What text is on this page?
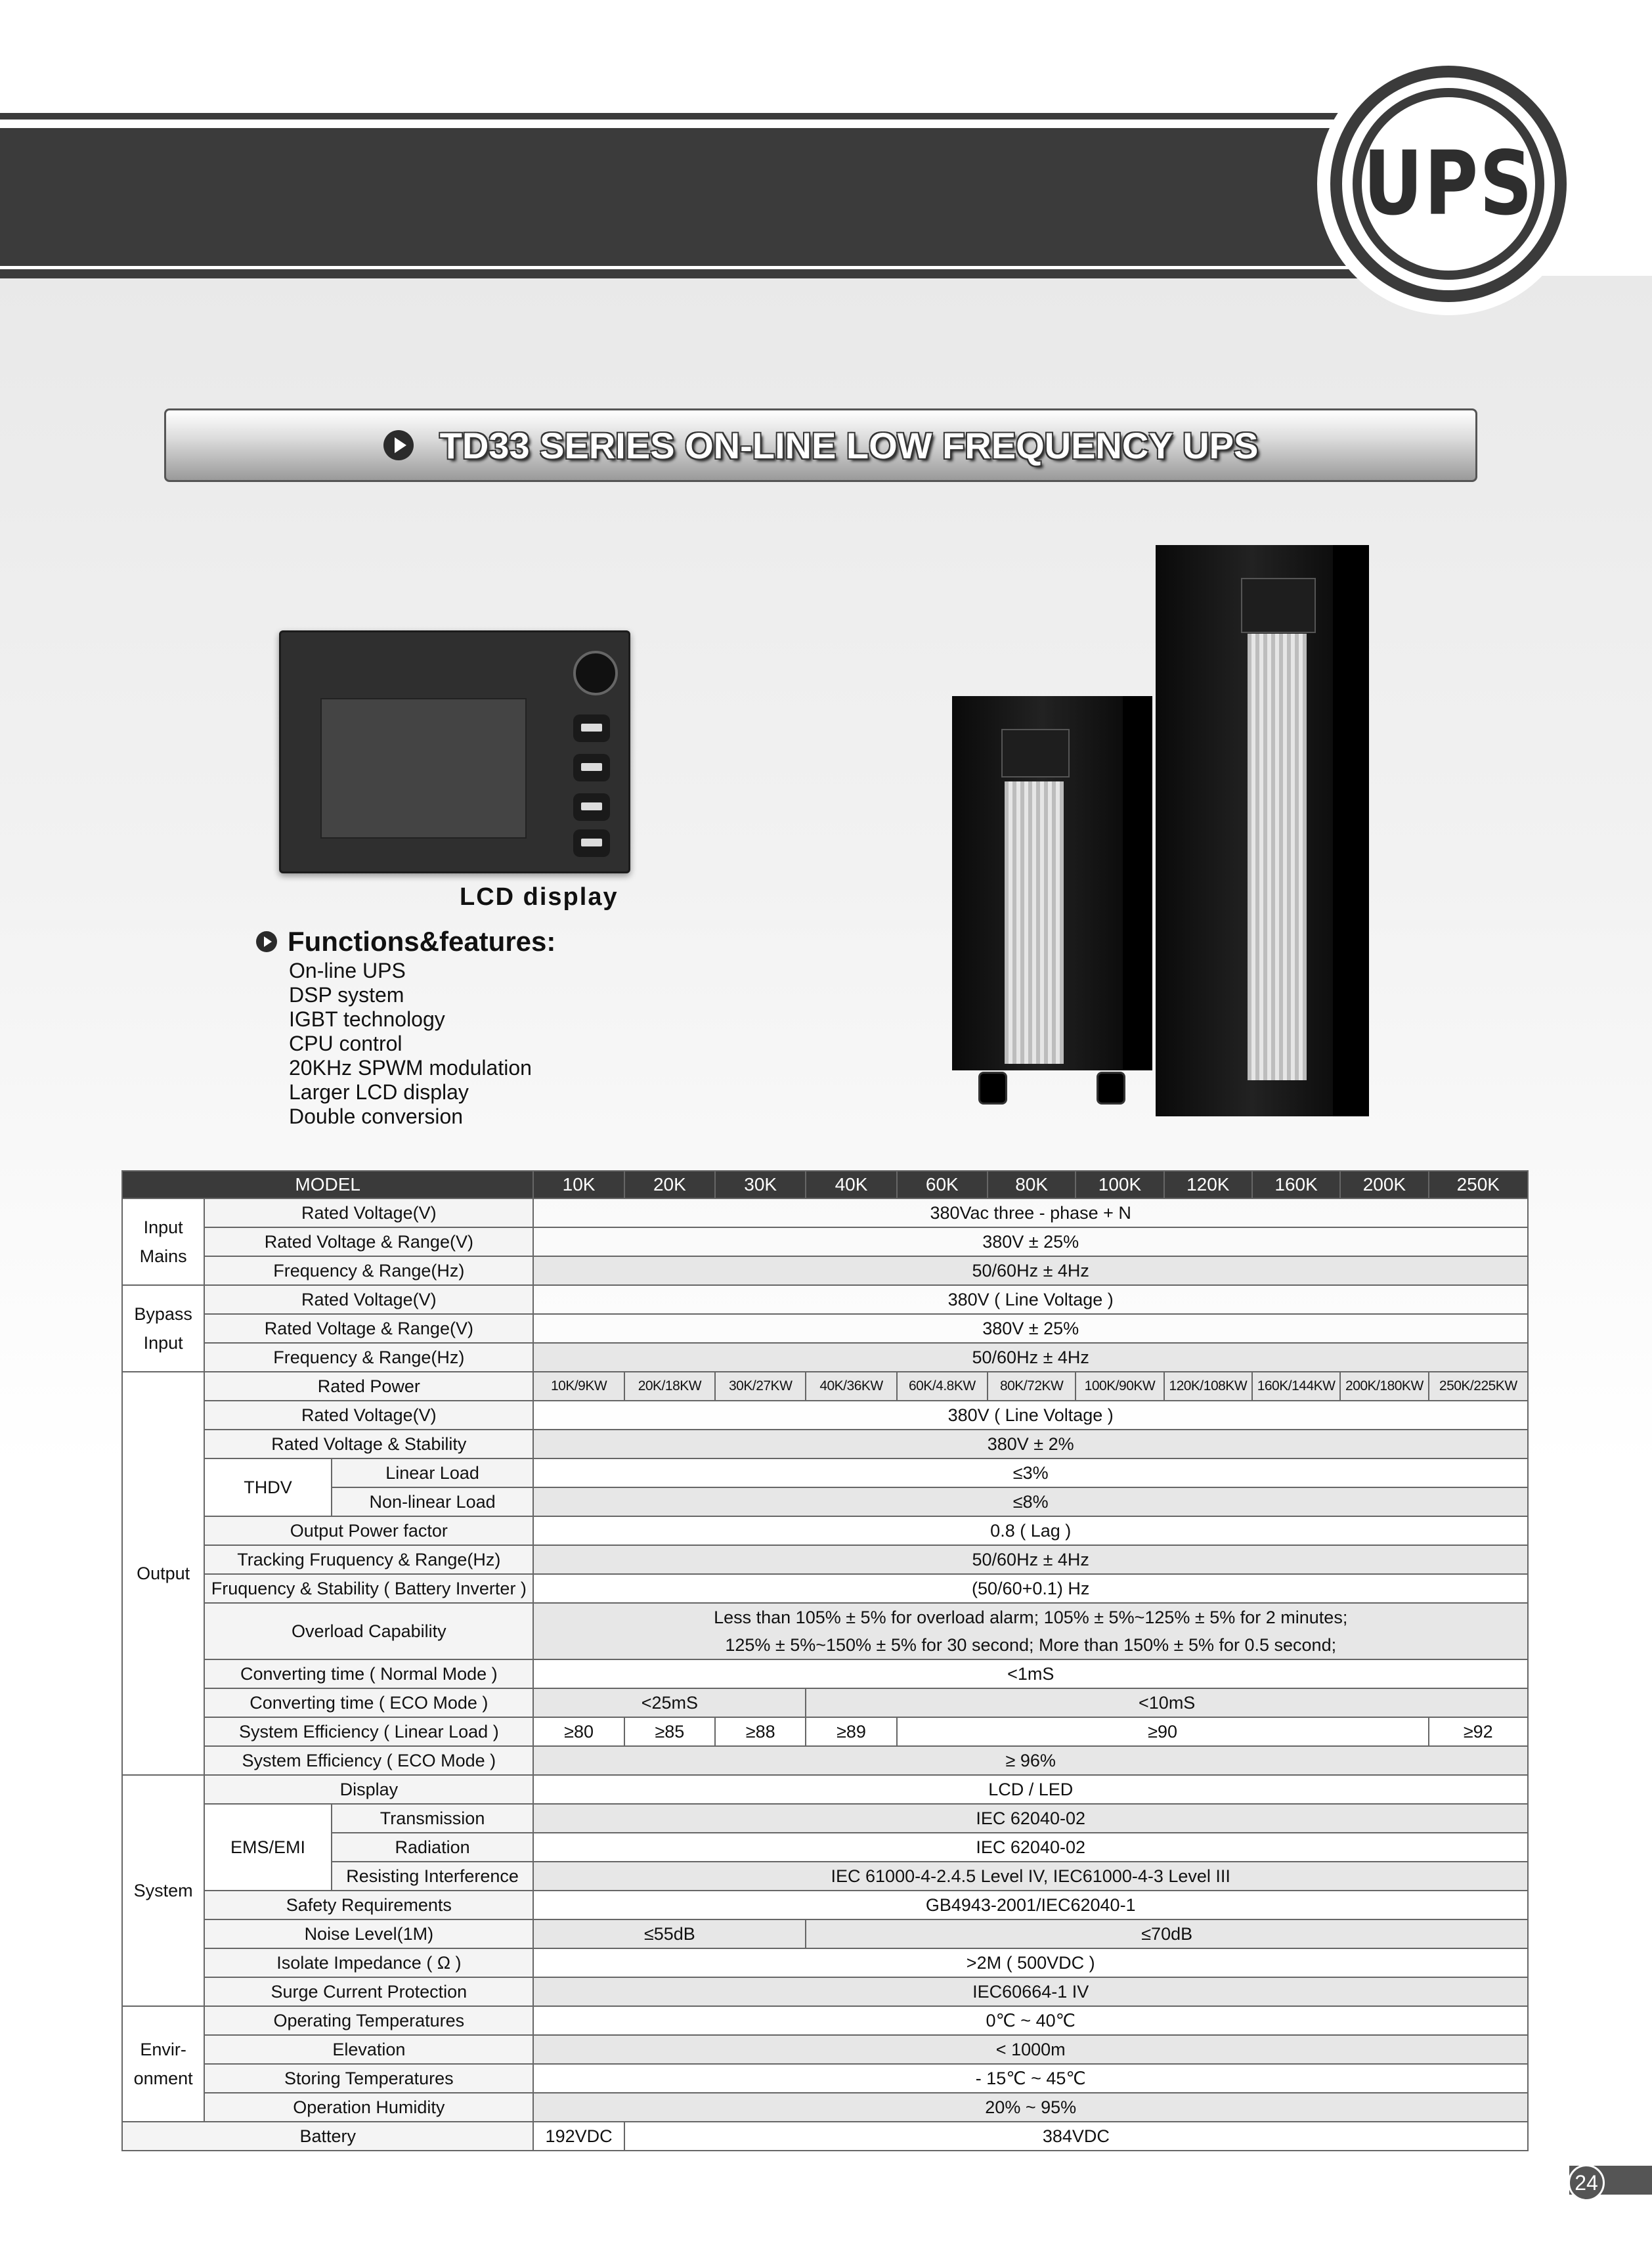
UPS
TD33 SERIES ON-LINE LOW FREQUENCY UPS
LCD display
Functions&features:
On-line UPS
DSP system
IGBT technology
CPU control
20KHz SPWM modulation
Larger LCD display
Double conversion
MODEL			10K	20K	30K	40K	60K	80K	100K	120K	160K	200K	250K
Input Mains	Rated Voltage(V)		380Vac three - phase + N										
	Rated Voltage & Range(V)		380V ± 25%										
	Frequency & Range(Hz)		50/60Hz ± 4Hz										
Bypass Input	Rated Voltage(V)		380V ( Line Voltage )										
	Rated Voltage & Range(V)		380V ± 25%										
	Frequency & Range(Hz)		50/60Hz ± 4Hz										
Output	Rated Power		10K/9KW	20K/18KW	30K/27KW	40K/36KW	60K/4.8KW	80K/72KW	100K/90KW	120K/108KW	160K/144KW	200K/180KW	250K/225KW
	Rated Voltage(V)		380V ( Line Voltage )										
	Rated Voltage & Stability		380V ± 2%										
	THDV	Linear Load	≤3%										
		Non-linear Load	≤8%										
	Output Power factor		0.8 ( Lag )										
	Tracking Fruquency & Range(Hz)		50/60Hz ± 4Hz										
	Fruquency & Stability ( Battery Inverter )		(50/60+0.1) Hz										
	Overload Capability		Less than 105% ± 5% for overload alarm; 105% ± 5%~125% ± 5% for 2 minutes;										
			125% ± 5%~150% ± 5% for 30 second; More than 150% ± 5% for 0.5 second;										
	Converting time ( Normal Mode )		<1mS										
	Converting time ( ECO Mode )		<25mS			<10mS							
	System Efficiency ( Linear Load )		≥80	≥85	≥88	≥89	≥90						≥92
	System Efficiency ( ECO Mode )		≥ 96%										
System	Display		LCD / LED										
	EMS/EMI	Transmission	IEC 62040-02										
		Radiation	IEC 62040-02										
		Resisting Interference	IEC 61000-4-2.4.5 Level IV, IEC61000-4-3 Level III										
	Safety Requirements		GB4943-2001/IEC62040-1										
	Noise Level(1M)		≤55dB			≤70dB							
	Isolate Impedance ( Ω )		>2M ( 500VDC )										
	Surge Current Protection		IEC60664-1 IV										
Envir- onment	Operating Temperatures		0℃ ~ 40℃										
	Elevation		< 1000m										
	Storing Temperatures		- 15℃ ~ 45℃										
	Operation Humidity		20% ~ 95%										
Battery			192VDC	384VDC									
24
